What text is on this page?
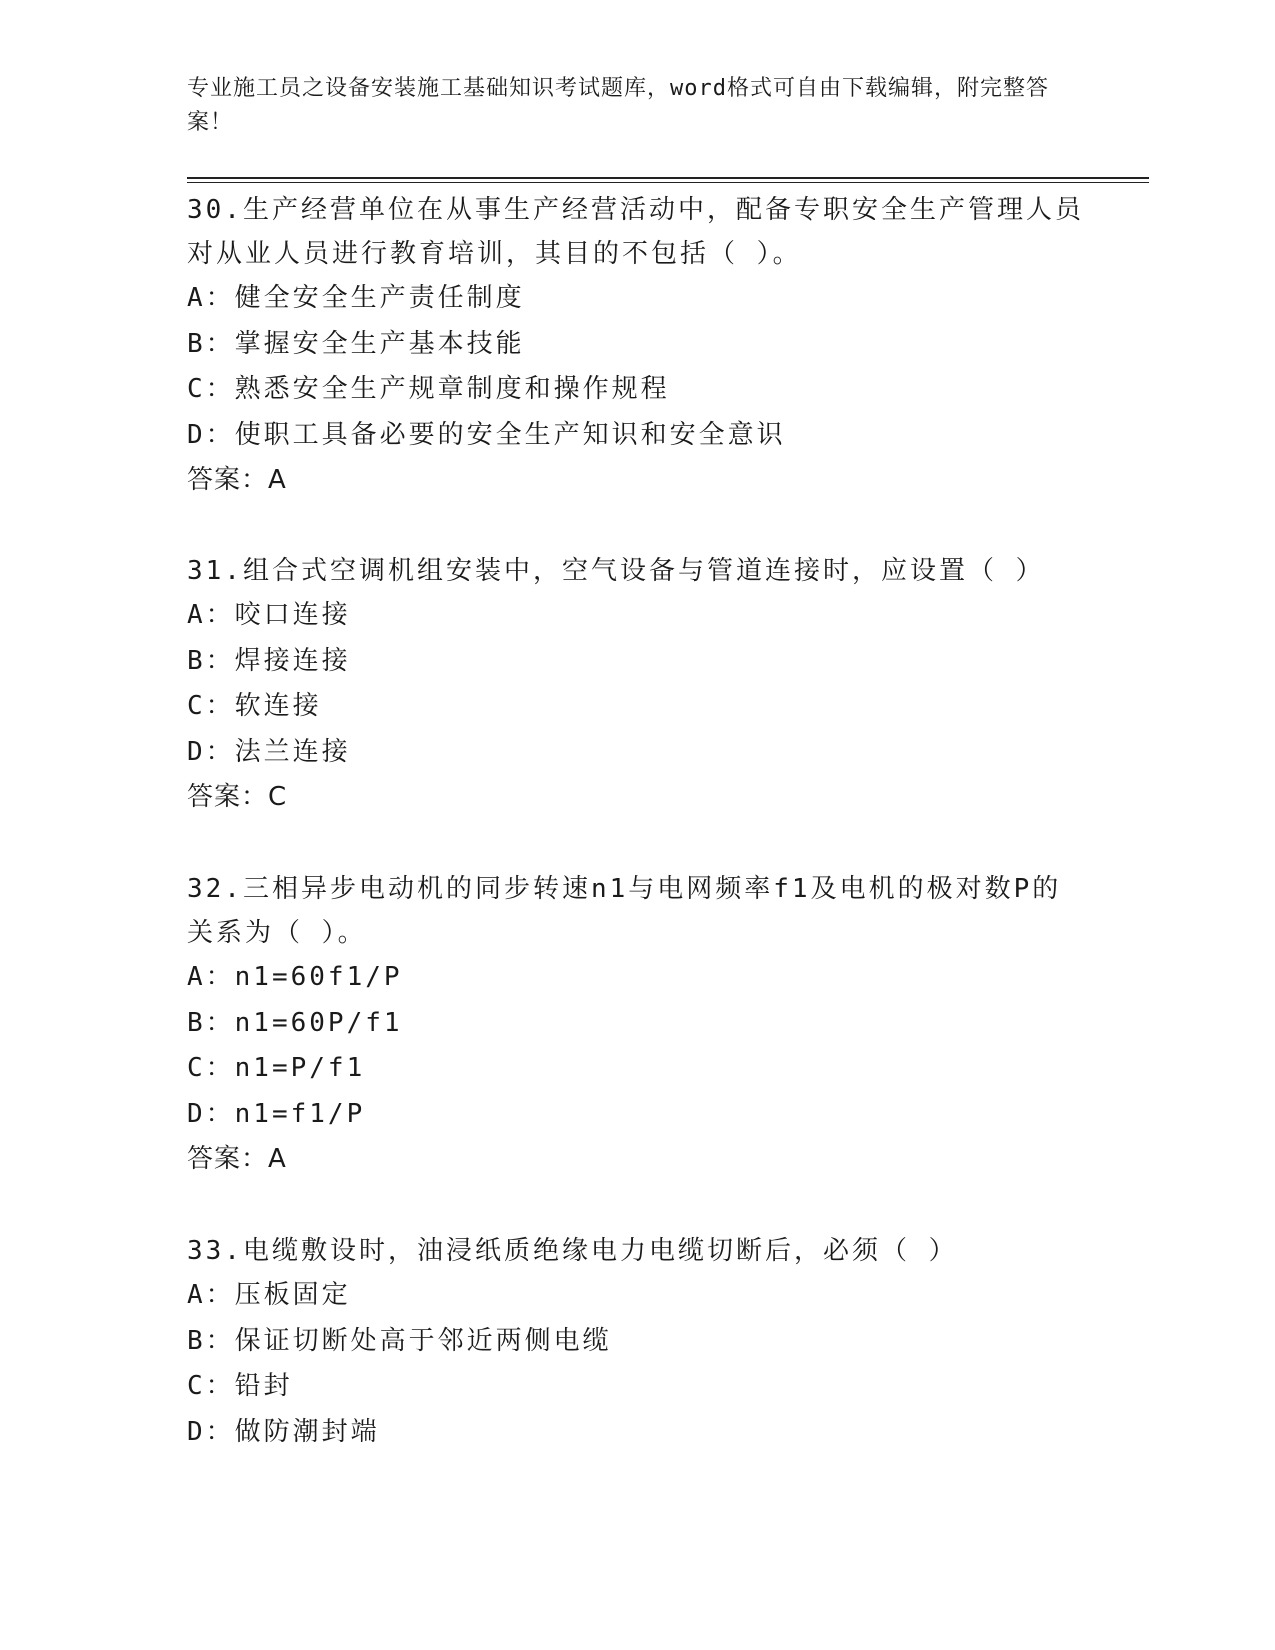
专业施工员之设备安装施工基础知识考试题库，word格式可自由下载编辑，附完整答案！

30.生产经营单位在从事生产经营活动中，配备专职安全生产管理人员对从业人员进行教育培训，其目的不包括（ ）。

A：健全安全生产责任制度

B：掌握安全生产基本技能

C：熟悉安全生产规章制度和操作规程

D：使职工具备必要的安全生产知识和安全意识

答案：A

31.组合式空调机组安装中，空气设备与管道连接时，应设置（ ）

A：咬口连接

B：焊接连接

C：软连接

D：法兰连接

答案：C

32.三相异步电动机的同步转速n1与电网频率f1及电机的极对数P的关系为（ ）。

A：n1=60f1/P

B：n1=60P/f1

C：n1=P/f1

D：n1=f1/P

答案：A

33.电缆敷设时，油浸纸质绝缘电力电缆切断后，必须（ ）

A：压板固定

B：保证切断处高于邻近两侧电缆

C：铅封

D：做防潮封端
